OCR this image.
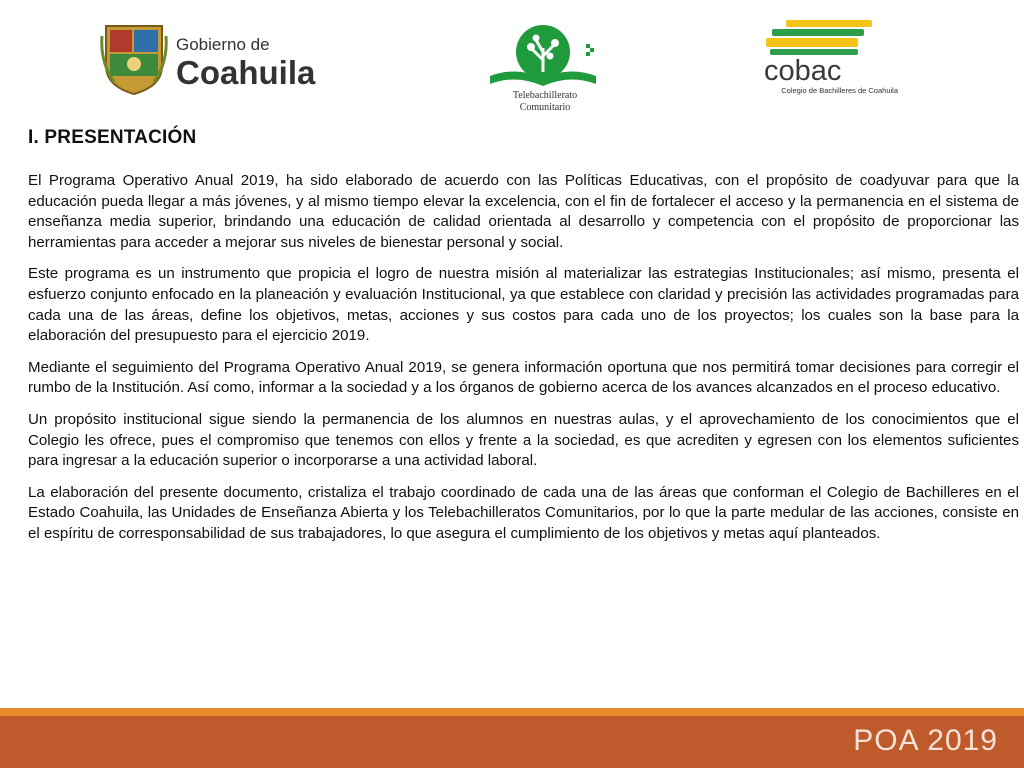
Gobierno de
Coahuila
Telebachillerato
Comunitario
cobac
Colegio de Bachilleres de Coahuila
I. PRESENTACIÓN

El Programa Operativo Anual 2019, ha sido elaborado de acuerdo con las Políticas Educativas, con el propósito de coadyuvar para que la educación pueda llegar a más jóvenes, y al mismo tiempo elevar la excelencia, con el fin de fortalecer el acceso y la permanencia en el sistema de enseñanza media superior, brindando una educación de calidad orientada al desarrollo y competencia con el propósito de proporcionar las herramientas para acceder a mejorar sus niveles de bienestar personal y social.

Este programa es un instrumento que propicia el logro de nuestra misión al materializar las estrategias Institucionales; así mismo, presenta el esfuerzo conjunto enfocado en la planeación y evaluación Institucional, ya que establece con claridad y precisión las actividades programadas para cada una de las áreas, define los objetivos, metas, acciones y sus costos para cada uno de los proyectos; los cuales son la base para la elaboración del presupuesto para el ejercicio 2019.

Mediante el seguimiento del Programa Operativo Anual 2019, se genera información oportuna que nos permitirá tomar decisiones para corregir el rumbo de la Institución. Así como, informar a la sociedad y a los órganos de gobierno acerca de los avances alcanzados en el proceso educativo.

Un propósito institucional sigue siendo la permanencia de los alumnos en nuestras aulas, y el aprovechamiento de los conocimientos que el Colegio les ofrece, pues el compromiso que tenemos con ellos y frente a la sociedad, es que acrediten y egresen con los elementos suficientes para ingresar a la educación superior o incorporarse a una actividad laboral.

La elaboración del presente documento, cristaliza el trabajo coordinado de cada una de las áreas que conforman el Colegio de Bachilleres en el Estado Coahuila, las Unidades de Enseñanza Abierta y los Telebachilleratos Comunitarios, por lo que la parte medular de las acciones, consiste en el espíritu de corresponsabilidad de sus trabajadores, lo que asegura el cumplimiento de los objetivos y metas aquí planteados.

POA 2019
